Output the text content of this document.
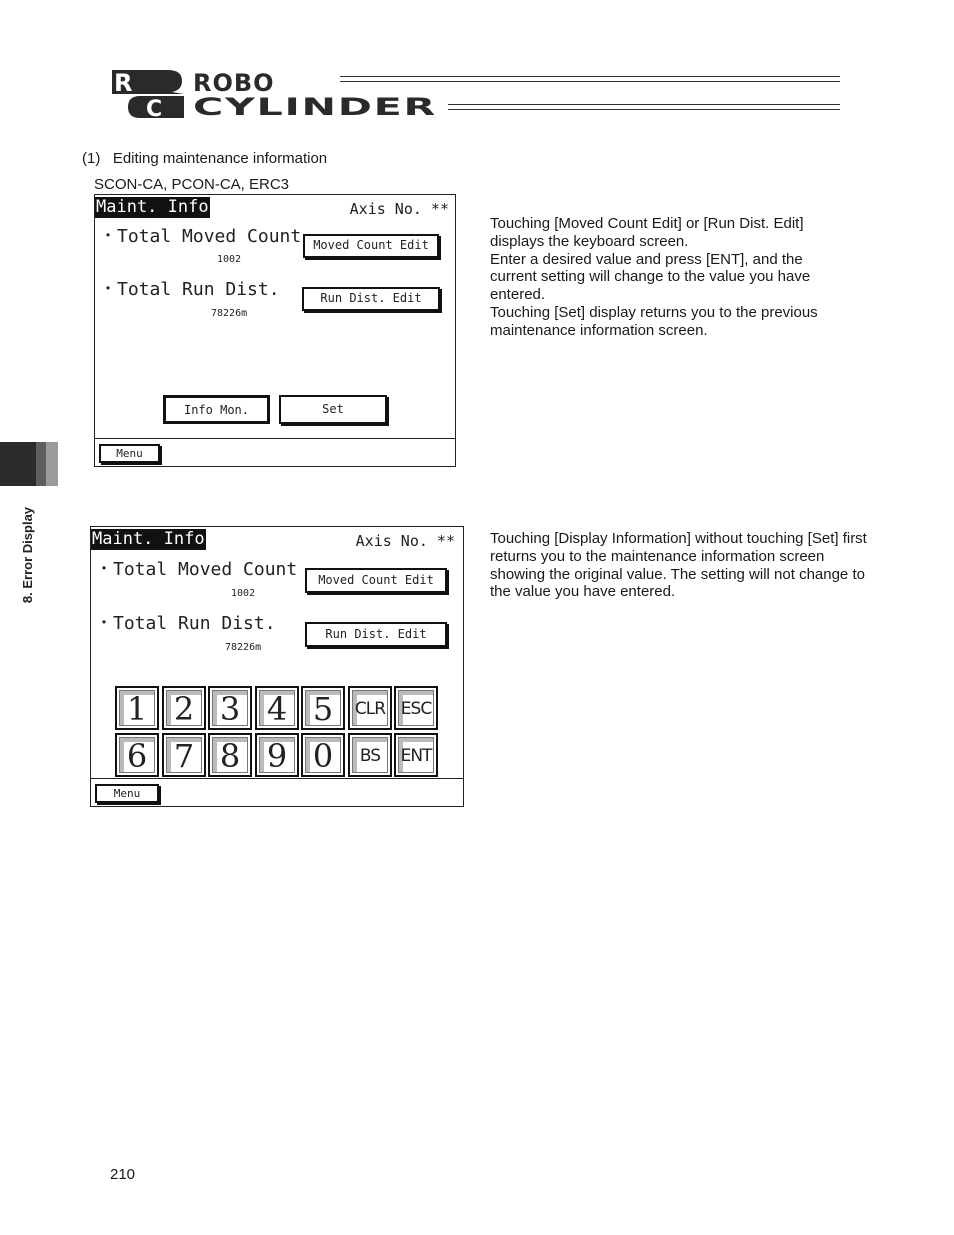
R
C
ROBO
CYLINDER
8. Error Display
(1)   Editing maintenance information
SCON-CA, PCON-CA, ERC3
Maint. Info	Axis No. **
・Total Moved Count
1002
Moved Count Edit
・Total Run Dist.
78226m
Run Dist. Edit
Info Mon.	Set
Menu
Maint. Info	Axis No. **
・Total Moved Count
1002
Moved Count Edit
・Total Run Dist.
78226m
Run Dist. Edit
1 2 3 4 5	CLR ESC
6 7 8 9 0	BS	ENT
Menu

Touching [Moved Count Edit] or [Run Dist. Edit] displays the keyboard screen.

Enter a desired value and press [ENT], and the current setting will change to the value you have entered.

Touching [Set] display returns you to the previous maintenance information screen.

Touching [Display Information] without touching [Set] first returns you to the maintenance information screen showing the original value. The setting will not change to the value you have entered.

210
